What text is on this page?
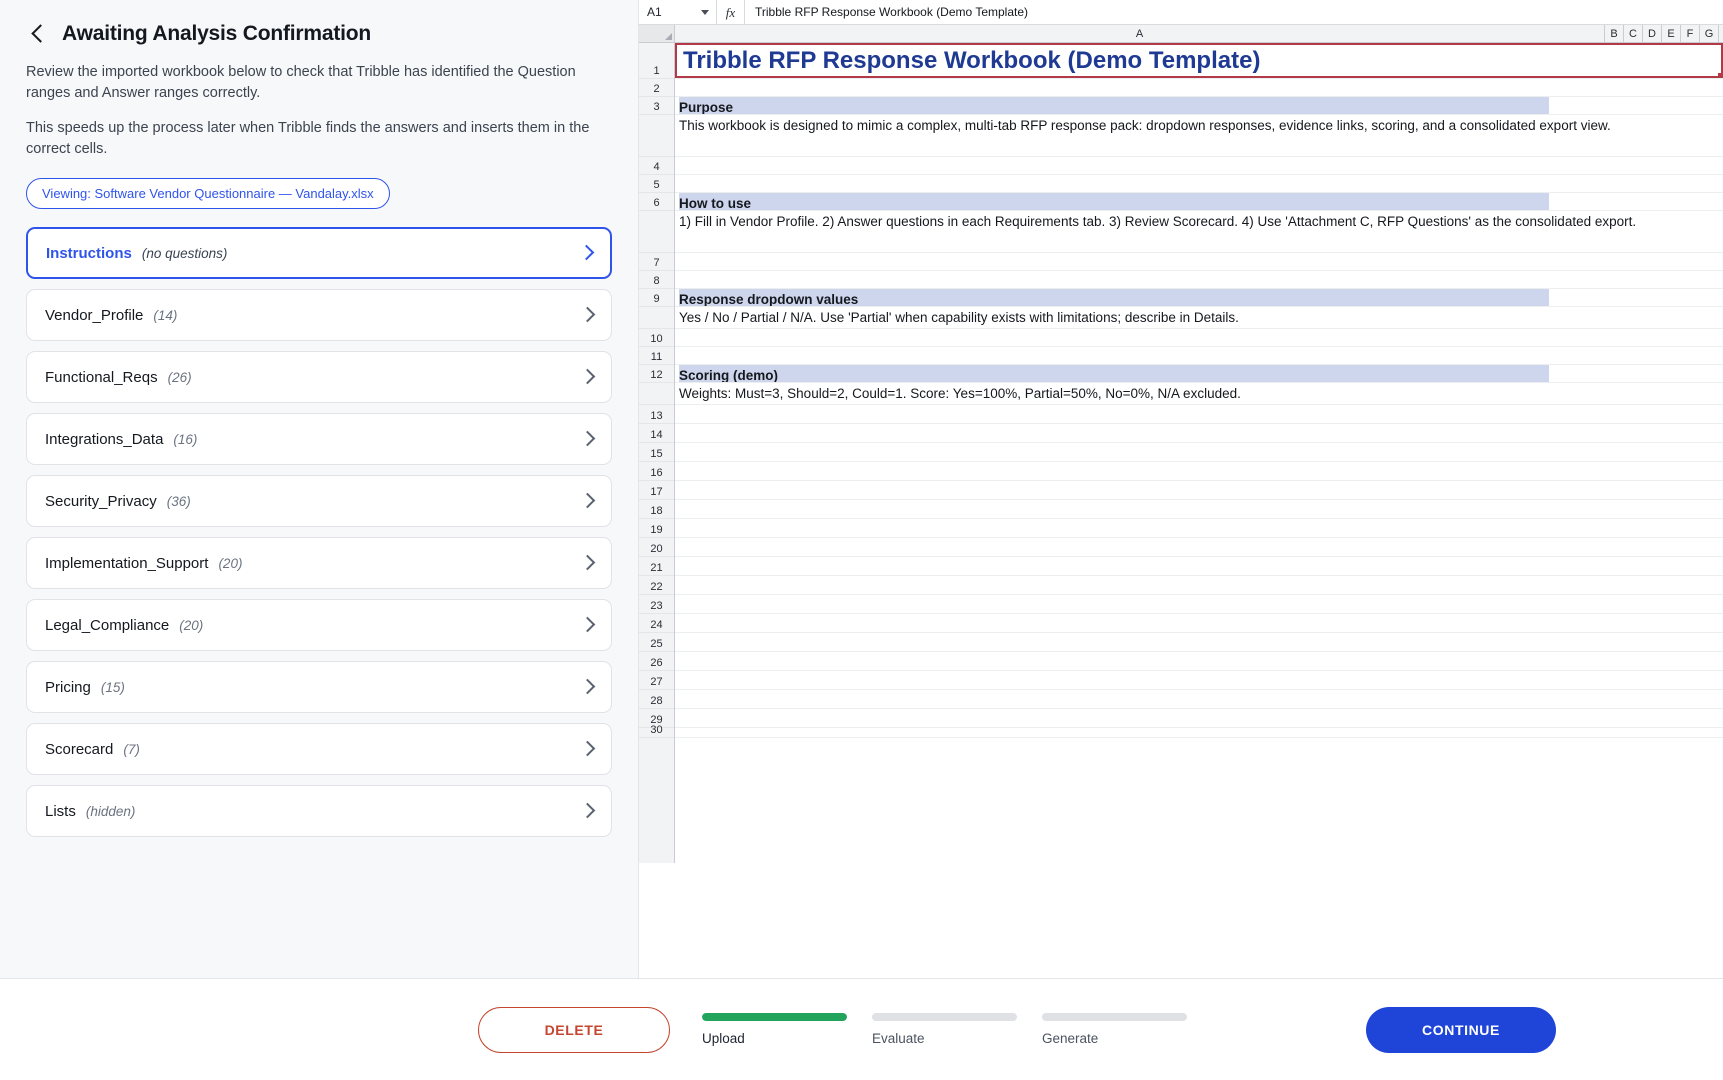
Awaiting Analysis Confirmation

Review the imported workbook below to check that Tribble has identified the Question ranges and Answer ranges correctly.

This speeds up the process later when Tribble finds the answers and inserts them in the correct cells.

Viewing: Software Vendor Questionnaire — Vandalay.xlsx
Instructions (no questions)
Vendor_Profile (14)
Functional_Reqs (26)
Integrations_Data (16)
Security_Privacy (36)
Implementation_Support (20)
Legal_Compliance (20)
Pricing (15)
Scorecard (7)
Lists (hidden)
A1	fx	Tribble RFP Response Workbook (Demo Template)
A	B	C	D	E	F	G
1
2
3
4
5
6
7
8
9
10
11
12
13
14
15
16
17
18
19
20
21
22
23
24
25
26
27
28
29
30
Tribble RFP Response Workbook (Demo Template)
Purpose
This workbook is designed to mimic a complex, multi-tab RFP response pack: dropdown responses, evidence links, scoring, and a consolidated export view.
How to use
1) Fill in Vendor Profile. 2) Answer questions in each Requirements tab. 3) Review Scorecard. 4) Use 'Attachment C, RFP Questions' as the consolidated export.
Response dropdown values
Yes / No / Partial / N/A. Use 'Partial' when capability exists with limitations; describe in Details.
Scoring (demo)
Weights: Must=3, Should=2, Could=1. Score: Yes=100%, Partial=50%, No=0%, N/A excluded.
DELETE
Upload	Evaluate	Generate
CONTINUE
